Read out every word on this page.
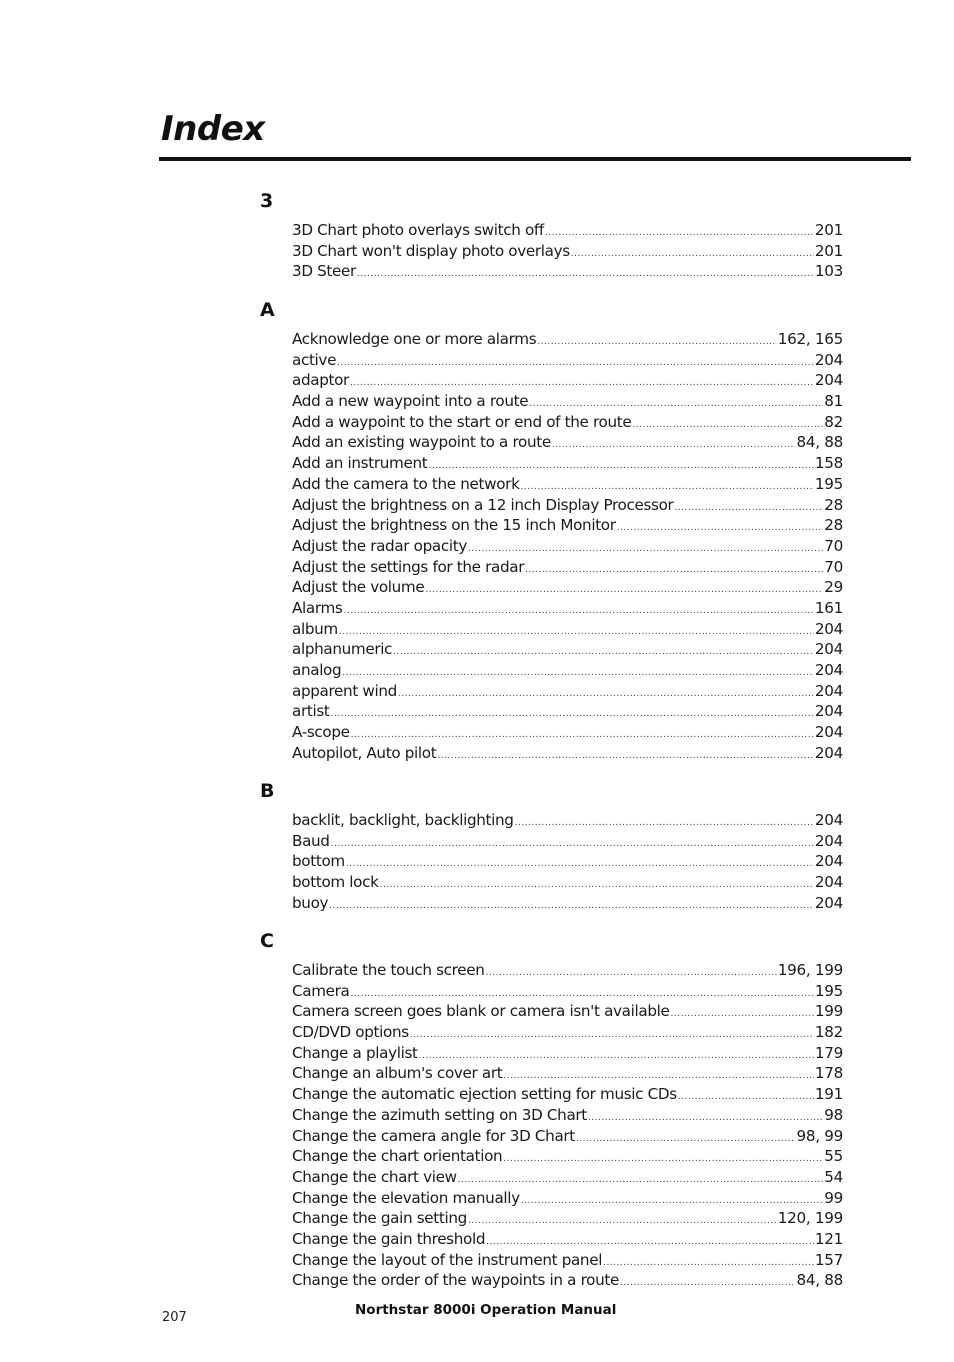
Index
3
3D Chart photo overlays switch off .....	201
3D Chart won't display photo overlays .....	201
3D Steer .....	103
A
Acknowledge one or more alarms .....	162, 165
active .....	204
adaptor .....	204
Add a new waypoint into a route .....	81
Add a waypoint to the start or end of the route .....	82
Add an existing waypoint to a route .....	84, 88
Add an instrument .....	158
Add the camera to the network .....	195
Adjust the brightness on a 12 inch Display Processor .....	28
Adjust the brightness on the 15 inch Monitor .....	28
Adjust the radar opacity .....	70
Adjust the settings for the radar .....	70
Adjust the volume .....	29
Alarms .....	161
album .....	204
alphanumeric .....	204
analog .....	204
apparent wind .....	204
artist .....	204
A-scope .....	204
Autopilot, Auto pilot .....	204
B
backlit, backlight, backlighting .....	204
Baud .....	204
bottom .....	204
bottom lock .....	204
buoy .....	204
C
Calibrate the touch screen .....	196, 199
Camera .....	195
Camera screen goes blank or camera isn't available .....	199
CD/DVD options .....	182
Change a playlist .....	179
Change an album's cover art .....	178
Change the automatic ejection setting for music CDs .....	191
Change the azimuth setting on 3D Chart .....	98
Change the camera angle for 3D Chart .....	98, 99
Change the chart orientation .....	55
Change the chart view .....	54
Change the elevation manually .....	99
Change the gain setting .....	120, 199
Change the gain threshold .....	121
Change the layout of the instrument panel .....	157
Change the order of the waypoints in a route .....	84, 88
207	Northstar 8000i Operation Manual
